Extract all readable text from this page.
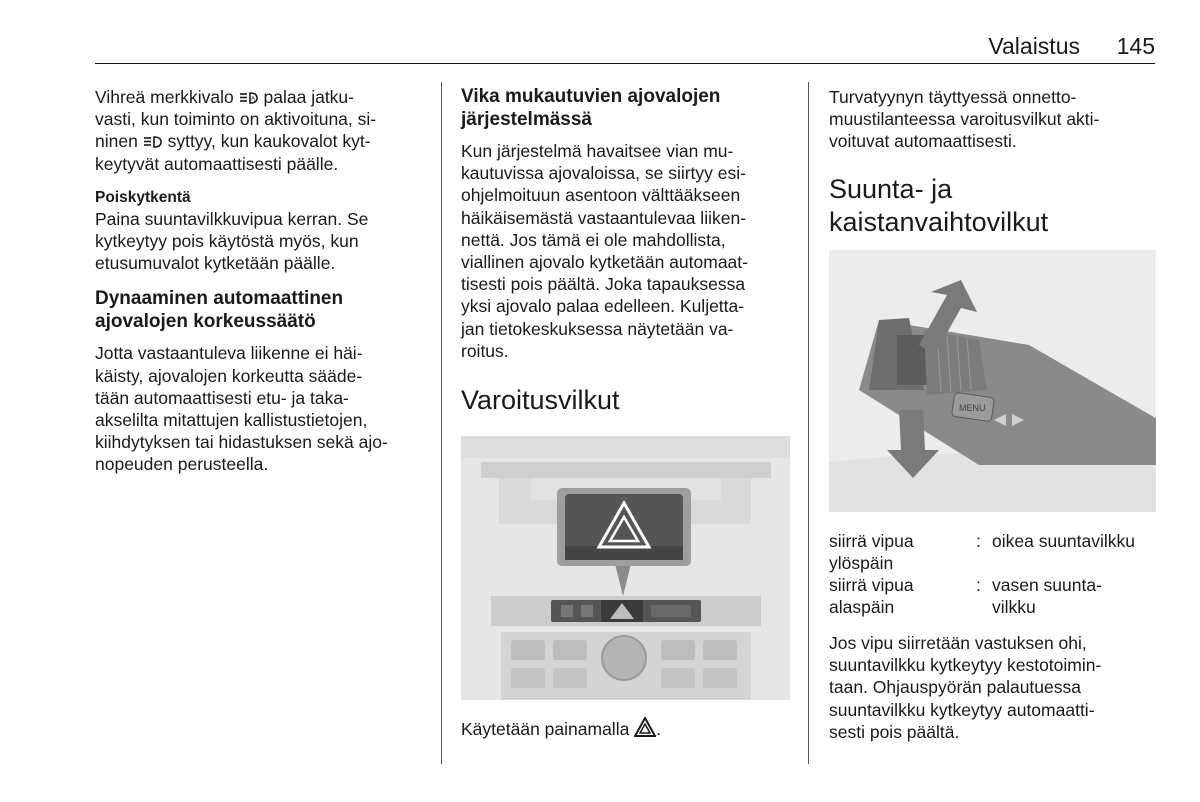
Valaistus 145

Vihreä merkkivalo	A palaa jatku-

vasti, kun toiminto on aktivoituna, si-

ninen syttyy, kun kaukovalot kyt-

keytyvät automaattisesti päälle.

Poiskytkentä

Paina suuntavilkkuvipua kerran. Se

kytkeytyy pois käytöstä myös, kun

etusumuvalot kytketään päälle.

Dynaaminen automaattinen

ajovalojen korkeussäätö

Jotta vastaantuleva liikenne ei häi-

käisty, ajovalojen korkeutta sääde-

tään automaattisesti etu- ja taka-

akselilta mitattujen kallistustietojen,

kiihdytyksen tai hidastuksen sekä ajo-

nopeuden perusteella.

Vika mukautuvien ajovalojen

järjestelmässä

Kun järjestelmä havaitsee vian mu-

kautuvissa ajovaloissa, se siirtyy esi-

ohjelmoituun asentoon välttääkseen

häikäisemästä vastaantulevaa liiken-

nettä. Jos tämä ei ole mahdollista,

viallinen ajovalo kytketään automaat-

tisesti pois päältä. Joka tapauksessa

yksi ajovalo palaa edelleen. Kuljetta-

jan tietokeskuksessa näytetään va-

roitus.

Varoitusvilkut

Käytetään painamalla .

Turvatyynyn täyttyessä onnetto-

muustilanteessa varoitusvilkut akti-

voituvat automaattisesti.

Suunta- ja

kaistanvaihtovilkut

MENU
siirrä vipua
ylöspäin
: oikea suuntavilkku
siirrä vipua
alaspäin
: vasen suunta-
vilkku

Jos vipu siirretään vastuksen ohi,

suuntavilkku kytkeytyy kestotoimin-

taan. Ohjauspyörän palautuessa

suuntavilkku kytkeytyy automaatti-

sesti pois päältä.
